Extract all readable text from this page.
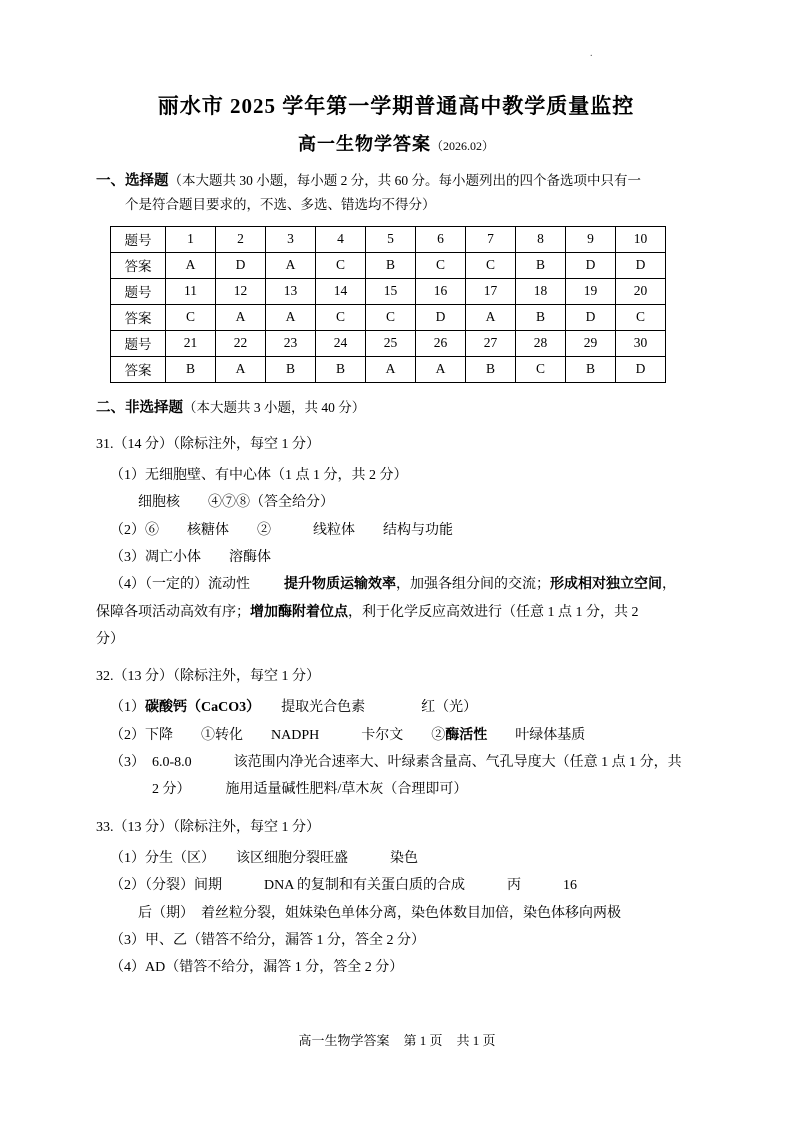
.
丽水市 2025 学年第一学期普通高中教学质量监控
高一生物学答案（2026.02）
一、选择题（本大题共 30 小题，每小题 2 分，共 60 分。每小题列出的四个备选项中只有一
个是符合题目要求的，不选、多选、错选均不得分）
题号	1	2	3	4	5	6	7	8	9	10
答案	A	D	A	C	B	C	C	B	D	D
题号	11	12	13	14	15	16	17	18	19	20
答案	C	A	A	C	C	D	A	B	D	C
题号	21	22	23	24	25	26	27	28	29	30
答案	B	A	B	B	A	A	B	C	B	D
二、非选择题（本大题共 3 小题，共 40 分）
31.（14 分）（除标注外，每空 1 分）
（1）无细胞壁、有中心体（1 点 1 分，共 2 分）
细胞核　　④⑦⑧（答全给分）
（2）⑥　　核糖体　　②　　　线粒体　　结构与功能
（3）凋亡小体　　溶酶体
（4）（一定的）流动性 提升物质运输效率，加强各组分间的交流；形成相对独立空间，
保障各项活动高效有序；增加酶附着位点，利于化学反应高效进行（任意 1 点 1 分，共 2
分）
32.（13 分）（除标注外，每空 1 分）
（1）碳酸钙（CaCO3）　　提取光合色素　　　　红（光）
（2）下降　　①转化　　NADPH　　　卡尔文　　②酶活性　　叶绿体基质
（3）　6.0-8.0　　　该范围内净光合速率大、叶绿素含量高、气孔导度大（任意 1 点 1 分，共
2 分）　　　施用适量碱性肥料/草木灰（合理即可）
33.（13 分）（除标注外，每空 1 分）
（1）分生（区）　　该区细胞分裂旺盛　　　染色
（2）（分裂）间期　　　DNA 的复制和有关蛋白质的合成　　　丙　　　16
后（期）　着丝粒分裂，姐妹染色单体分离，染色体数目加倍，染色体移向两极
（3）甲、乙（错答不给分，漏答 1 分，答全 2 分）
（4）AD（错答不给分，漏答 1 分，答全 2 分）
高一生物学答案 第 1 页 共 1 页
